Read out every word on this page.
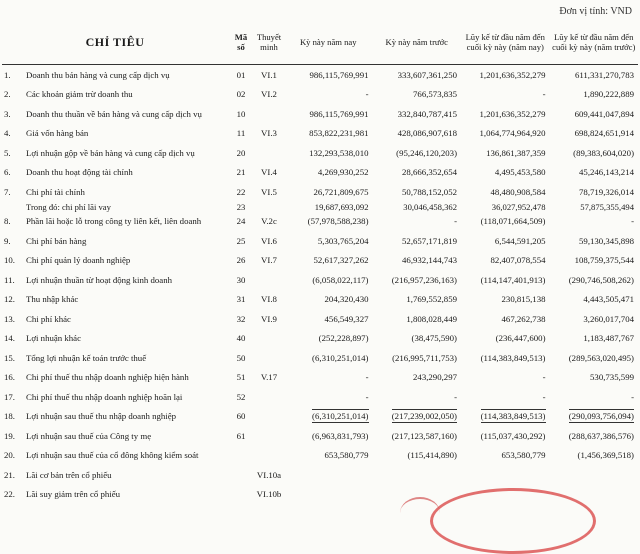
Đơn vị tính: VND
CHỈ TIÊU	Mã số	Thuyết minh	Kỳ này năm nay	Kỳ này năm trước	Lũy kế từ đầu năm đến cuối kỳ này (năm nay)	Lũy kế từ đầu năm đến cuối kỳ này (năm trước)
1. Doanh thu bán hàng và cung cấp dịch vụ	01	VI.1	986,115,769,991	333,607,361,250	1,201,636,352,279	611,331,270,783
2. Các khoản giảm trừ doanh thu	02	VI.2	-	766,573,835	-	1,890,222,889
3. Doanh thu thuần về bán hàng và cung cấp dịch vụ	10		986,115,769,991	332,840,787,415	1,201,636,352,279	609,441,047,894
4. Giá vốn hàng bán	11	VI.3	853,822,231,981	428,086,907,618	1,064,774,964,920	698,824,651,914
5. Lợi nhuận gộp về bán hàng và cung cấp dịch vụ	20		132,293,538,010	(95,246,120,203)	136,861,387,359	(89,383,604,020)
6. Doanh thu hoạt động tài chính	21	VI.4	4,269,930,252	28,666,352,654	4,495,453,580	45,246,143,214
7. Chi phí tài chính	22	VI.5	26,721,809,675	50,788,152,052	48,480,908,584	78,719,326,014
Trong đó: chi phí lãi vay	23		19,687,693,092	30,046,458,362	36,027,952,478	57,875,355,494
8. Phần lãi hoặc lỗ trong công ty liên kết, liên doanh	24	V.2c	(57,978,588,238)	-	(118,071,664,509)	-
9. Chi phí bán hàng	25	VI.6	5,303,765,204	52,657,171,819	6,544,591,205	59,130,345,898
10. Chi phí quản lý doanh nghiệp	26	VI.7	52,617,327,262	46,932,144,743	82,407,078,554	108,759,375,544
11. Lợi nhuận thuần từ hoạt động kinh doanh	30		(6,058,022,117)	(216,957,236,163)	(114,147,401,913)	(290,746,508,262)
12. Thu nhập khác	31	VI.8	204,320,430	1,769,552,859	230,815,138	4,443,505,471
13. Chi phí khác	32	VI.9	456,549,327	1,808,028,449	467,262,738	3,260,017,704
14. Lợi nhuận khác	40		(252,228,897)	(38,475,590)	(236,447,600)	1,183,487,767
15. Tổng lợi nhuận kế toán trước thuế	50		(6,310,251,014)	(216,995,711,753)	(114,383,849,513)	(289,563,020,495)
16. Chi phí thuế thu nhập doanh nghiệp hiện hành	51	V.17	-	243,290,297	-	530,735,599
17. Chi phí thuế thu nhập doanh nghiệp hoãn lại	52		-	-	-	-
18. Lợi nhuận sau thuế thu nhập doanh nghiệp	60		(6,310,251,014)	(217,239,002,050)	(114,383,849,513)	(290,093,756,094)
19. Lợi nhuận sau thuế của Công ty mẹ	61		(6,963,831,793)	(217,123,587,160)	(115,037,430,292)	(288,637,386,576)
20. Lợi nhuận sau thuế của cổ đông không kiểm soát			653,580,779	(115,414,890)	653,580,779	(1,456,369,518)
21. Lãi cơ bản trên cổ phiếu		VI.10a				
22. Lãi suy giảm trên cổ phiếu		VI.10b				
